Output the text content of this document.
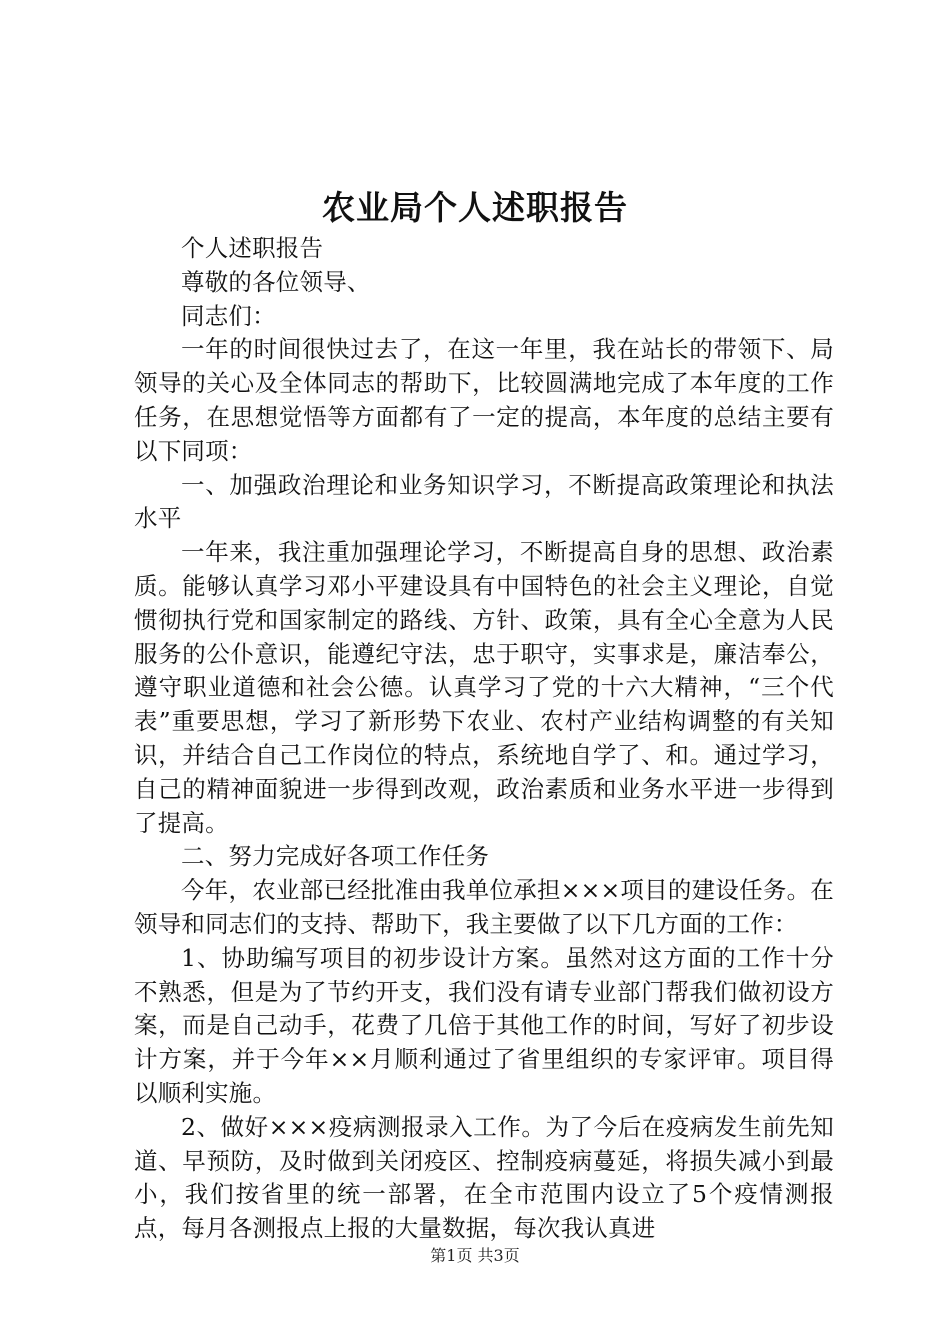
农业局个人述职报告

个人述职报告

尊敬的各位领导、

同志们：

一年的时间很快过去了，在这一年里，我在站长的带领下、局领导的关心及全体同志的帮助下，比较圆满地完成了本年度的工作任务，在思想觉悟等方面都有了一定的提高，本年度的总结主要有以下同项：

一、加强政治理论和业务知识学习，不断提高政策理论和执法水平

一年来，我注重加强理论学习，不断提高自身的思想、政治素质。能够认真学习邓小平建设具有中国特色的社会主义理论，自觉惯彻执行党和国家制定的路线、方针、政策，具有全心全意为人民服务的公仆意识，能遵纪守法，忠于职守，实事求是，廉洁奉公，遵守职业道德和社会公德。认真学习了党的十六大精神，“三个代表”重要思想，学习了新形势下农业、农村产业结构调整的有关知识，并结合自己工作岗位的特点，系统地自学了、和。通过学习，自己的精神面貌进一步得到改观，政治素质和业务水平进一步得到了提高。

二、努力完成好各项工作任务

今年，农业部已经批准由我单位承担×××项目的建设任务。在领导和同志们的支持、帮助下，我主要做了以下几方面的工作：

1、协助编写项目的初步设计方案。虽然对这方面的工作十分不熟悉，但是为了节约开支，我们没有请专业部门帮我们做初设方案，而是自己动手，花费了几倍于其他工作的时间，写好了初步设计方案，并于今年××月顺利通过了省里组织的专家评审。项目得以顺利实施。

2、做好×××疫病测报录入工作。为了今后在疫病发生前先知道、早预防，及时做到关闭疫区、控制疫病蔓延，将损失减小到最小，我们按省里的统一部署，在全市范围内设立了5个疫情测报点，每月各测报点上报的大量数据，每次我认真进

第1页 共3页
